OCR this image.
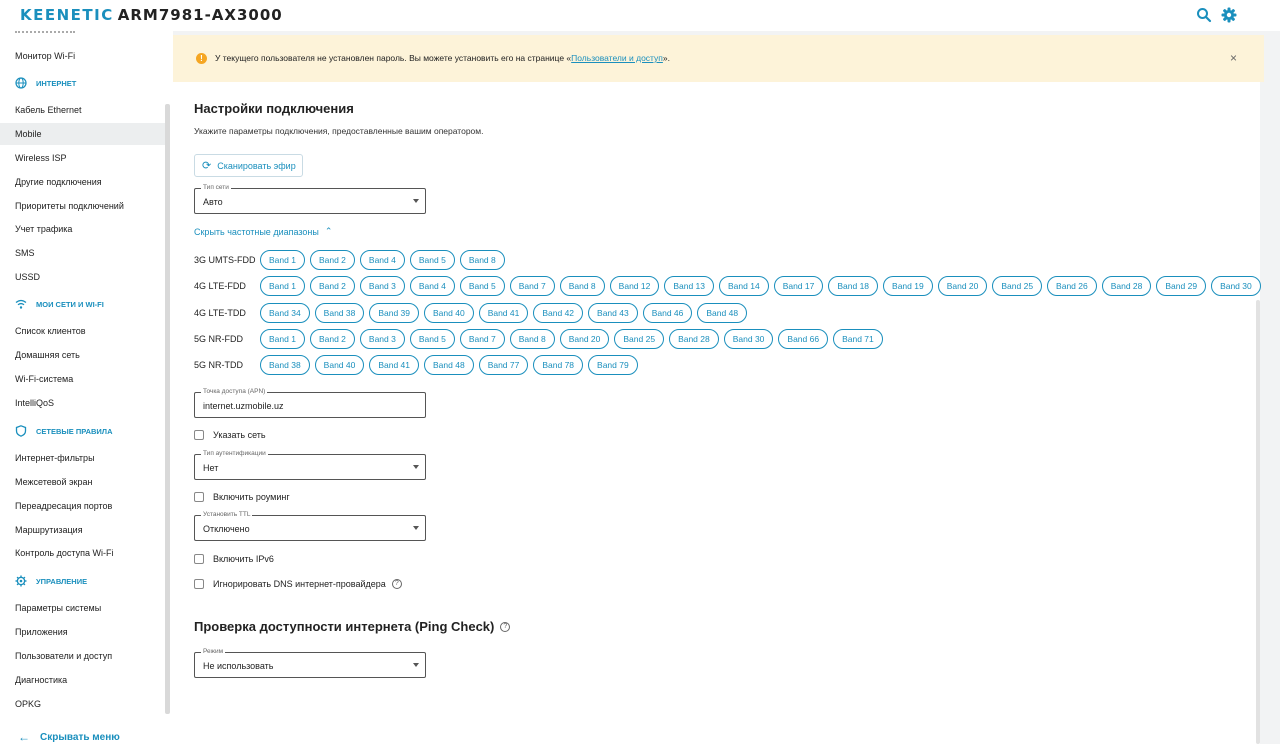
KEENETIC ARM7981-AX3000
Монитор Wi-Fi
ИНТЕРНЕТ
Кабель Ethernet
Mobile
Wireless ISP
Другие подключения
Приоритеты подключений
Учет трафика
SMS
USSD
МОИ СЕТИ И WI-FI
Список клиентов
Домашняя сеть
Wi-Fi-система
IntelliQoS
СЕТЕВЫЕ ПРАВИЛА
Интернет-фильтры
Межсетевой экран
Переадресация портов
Маршрутизация
Контроль доступа Wi-Fi
УПРАВЛЕНИЕ
Параметры системы
Приложения
Пользователи и доступ
Диагностика
OPKG
← Скрывать меню
!	У текущего пользователя не установлен пароль. Вы можете установить его на странице «Пользователи и доступ».	×
Настройки подключения
Укажите параметры подключения, предоставленные вашим оператором.
⟳ Сканировать эфир
Тип сети
Авто
Скрыть частотные диапазоны ⌃
3G UMTS-FDD	Band 1	Band 2	Band 4	Band 5	Band 8
4G LTE-FDD	Band 1	Band 2	Band 3	Band 4	Band 5	Band 7	Band 8	Band 12	Band 13	Band 14	Band 17	Band 18	Band 19	Band 20	Band 25	Band 26	Band 28	Band 29	Band 30
4G LTE-TDD	Band 34	Band 38	Band 39	Band 40	Band 41	Band 42	Band 43	Band 46	Band 48
5G NR-FDD	Band 1	Band 2	Band 3	Band 5	Band 7	Band 8	Band 20	Band 25	Band 28	Band 30	Band 66	Band 71
5G NR-TDD	Band 38	Band 40	Band 41	Band 48	Band 77	Band 78	Band 79
Точка доступа (APN)
internet.uzmobile.uz
Указать сеть
Тип аутентификации
Нет
Включить роуминг
Установить TTL
Отключено
Включить IPv6
Игнорировать DNS интернет-провайдера	?
Проверка доступности интернета (Ping Check)	?
Режим
Не использовать
